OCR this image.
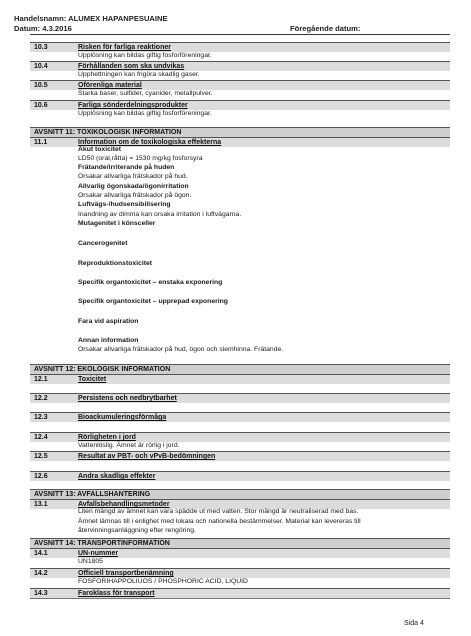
Handelsnamn: ALUMEX HAPANPESUAINE
Datum: 4.3.2016	Föregående datum:
10.3	Risken för farliga reaktioner
Upplösning kan bildas giftig fosforföreningar.
10.4	Förhållanden som ska undvikas
Upphettningen kan frigöra skadlig gaser.
10.5	Oförenliga material
Starka baser, sulfider, cyanider, metallpulver.
10.6	Farliga sönderdelningsprodukter
Upplösning kan bildas giftig fosforföreningar.
AVSNITT 11: TOXIKOLOGISK INFORMATION
11.1	Information om de toxikologiska effekterna
Akut toxicitet
LD50 (oral,råtta) = 1530 mg/kg fosforsyra
Frätande/irriterande på huden
Orsakar allvarliga frätskador på hud.
Allvarlig ögonskada/ögonirritation
Orsakar allvarliga frätskador på ögon.
Luftvägs-/hudsensibilisering
Inandning av dimma kan orsaka irritation i luftvägarna.
Mutagenitet i könsceller
Cancerogenitet
Reproduktionstoxicitet
Specifik organtoxicitet – enstaka exponering
Specifik organtoxicitet – upprepad exponering
Fara vid aspiration
Annan information
Orsakar allvarliga frätskador på hud, ögon och slemhinna. Frätande.
AVSNITT 12: EKOLOGISK INFORMATION
12.1	Toxicitet
12.2	Persistens och nedbrytbarhet
12.3	Bioackumuleringsförmåga
12.4	Rörligheten i jord
Vattenlöslig. Ämnet är rörlig i jord.
12.5	Resultat av PBT- och vPvB-bedömningen
12.6	Andra skadliga effekter
AVSNITT 13: AVFALLSHANTERING
13.1	Avfallsbehandlingsmetoder
Liten mängd av ämnet kan vara spädde ut med vatten. Stor mängd är neutraliserad med bas.
Ämnet lämnas till i enlighet med lokala och nationella bestämmelser. Material kan levereras till
återvinningsanläggning efter rengöring.
AVSNITT 14: TRANSPORTINFORMATION
14.1	UN-nummer
UN1805
14.2	Officiell transportbenämning
FOSFORIHAPPOLIUOS / PHOSPHORIC ACID, LIQUID
14.3	Faroklass för transport
Sida 4
